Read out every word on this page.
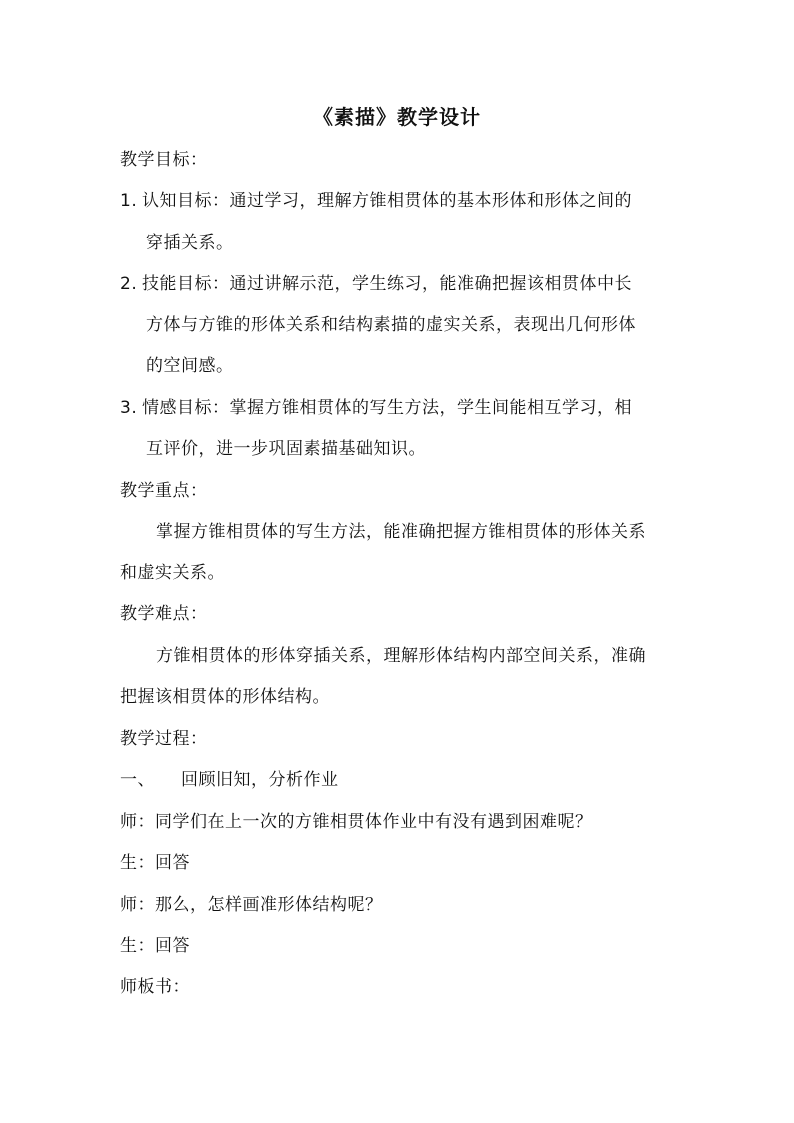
《素描》教学设计
教学目标：
1. 认知目标：通过学习，理解方锥相贯体的基本形体和形体之间的
穿插关系。
2. 技能目标：通过讲解示范，学生练习，能准确把握该相贯体中长
方体与方锥的形体关系和结构素描的虚实关系，表现出几何形体
的空间感。
3. 情感目标：掌握方锥相贯体的写生方法，学生间能相互学习，相
互评价，进一步巩固素描基础知识。
教学重点：
掌握方锥相贯体的写生方法，能准确把握方锥相贯体的形体关系
和虚实关系。
教学难点：
方锥相贯体的形体穿插关系，理解形体结构内部空间关系，准确
把握该相贯体的形体结构。
教学过程：
一、 回顾旧知，分析作业
师：同学们在上一次的方锥相贯体作业中有没有遇到困难呢？
生：回答
师：那么，怎样画准形体结构呢？
生：回答
师板书：
